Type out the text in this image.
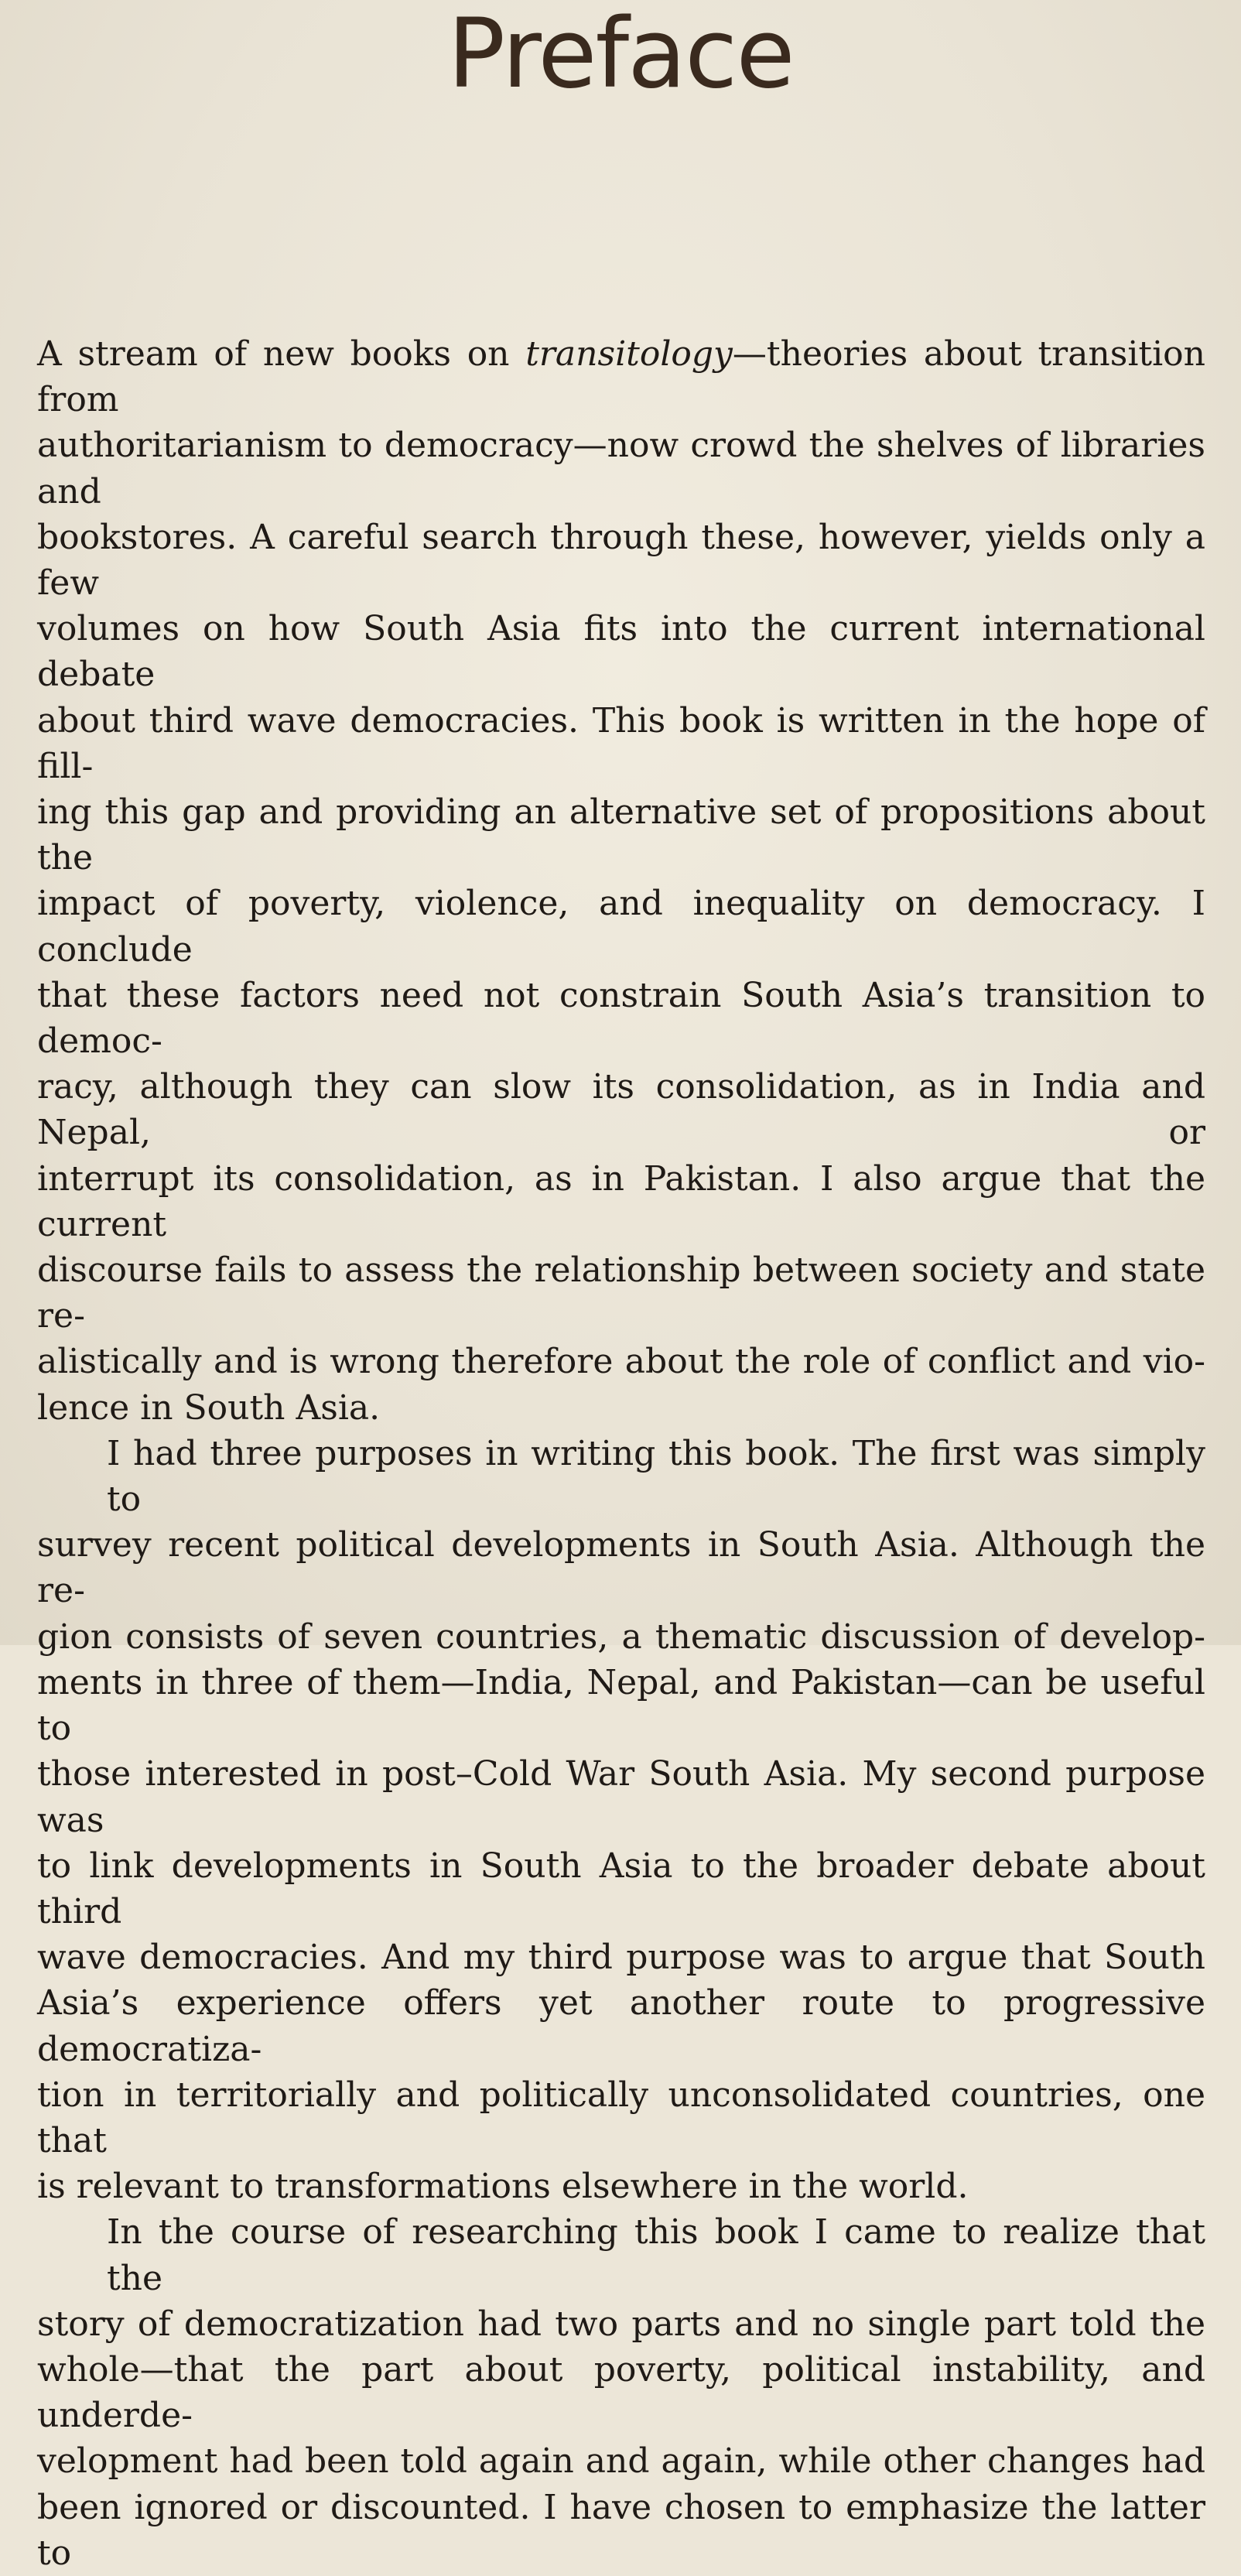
Preface
A stream of new books on transitology—theories about transition from
authoritarianism to democracy—now crowd the shelves of libraries and
bookstores. A careful search through these, however, yields only a few
volumes on how South Asia fits into the current international debate
about third wave democracies. This book is written in the hope of fill-
ing this gap and providing an alternative set of propositions about the
impact of poverty, violence, and inequality on democracy. I conclude
that these factors need not constrain South Asia’s transition to democ-
racy, although they can slow its consolidation, as in India and Nepal, or
interrupt its consolidation, as in Pakistan. I also argue that the current
discourse fails to assess the relationship between society and state re-
alistically and is wrong therefore about the role of conflict and vio-
lence in South Asia.
I had three purposes in writing this book. The first was simply to
survey recent political developments in South Asia. Although the re-
gion consists of seven countries, a thematic discussion of develop-
ments in three of them—India, Nepal, and Pakistan—can be useful to
those interested in post–Cold War South Asia. My second purpose was
to link developments in South Asia to the broader debate about third
wave democracies. And my third purpose was to argue that South
Asia’s experience offers yet another route to progressive democratiza-
tion in territorially and politically unconsolidated countries, one that
is relevant to transformations elsewhere in the world.
In the course of researching this book I came to realize that the
story of democratization had two parts and no single part told the
whole—that the part about poverty, political instability, and underde-
velopment had been told again and again, while other changes had
been ignored or discounted. I have chosen to emphasize the latter to
